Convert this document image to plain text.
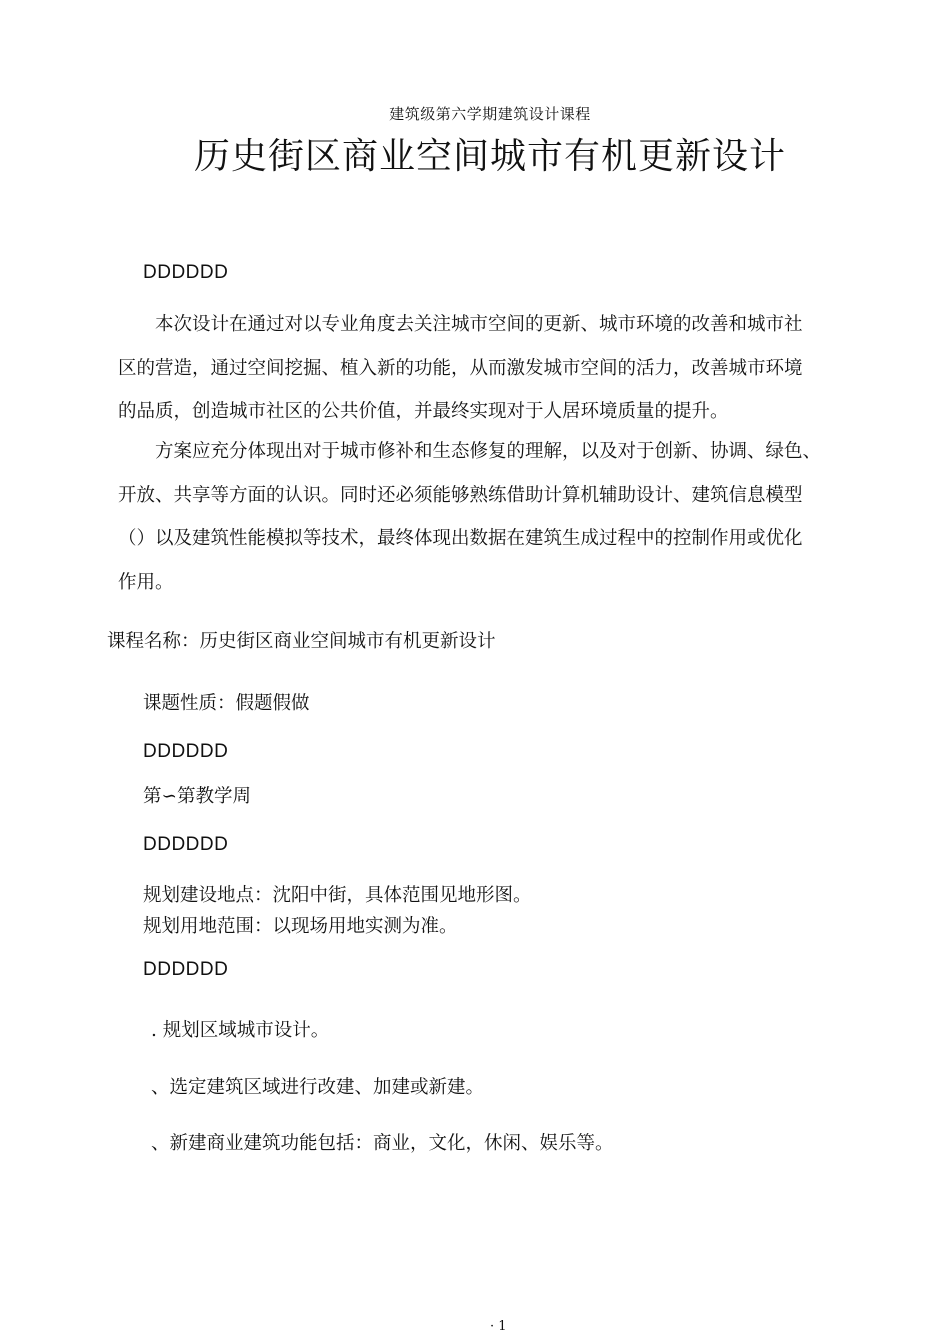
建筑级第六学期建筑设计课程
历史街区商业空间城市有机更新设计
DDDDDD
本次设计在通过对以专业角度去关注城市空间的更新、城市环境的改善和城市社
区的营造，通过空间挖掘、植入新的功能，从而激发城市空间的活力，改善城市环境
的品质，创造城市社区的公共价值，并最终实现对于人居环境质量的提升。
方案应充分体现出对于城市修补和生态修复的理解，以及对于创新、协调、绿色、
开放、共享等方面的认识。同时还必须能够熟练借助计算机辅助设计、建筑信息模型
（）以及建筑性能模拟等技术，最终体现出数据在建筑生成过程中的控制作用或优化
作用。
课程名称：历史街区商业空间城市有机更新设计
课题性质：假题假做
DDDDDD
第∽第教学周
DDDDDD
规划建设地点：沈阳中街，具体范围见地形图。
规划用地范围：以现场用地实测为准。
DDDDDD
. 规划区域城市设计。
、选定建筑区域进行改建、加建或新建。
、新建商业建筑功能包括：商业，文化，休闲、娱乐等。
· 1
